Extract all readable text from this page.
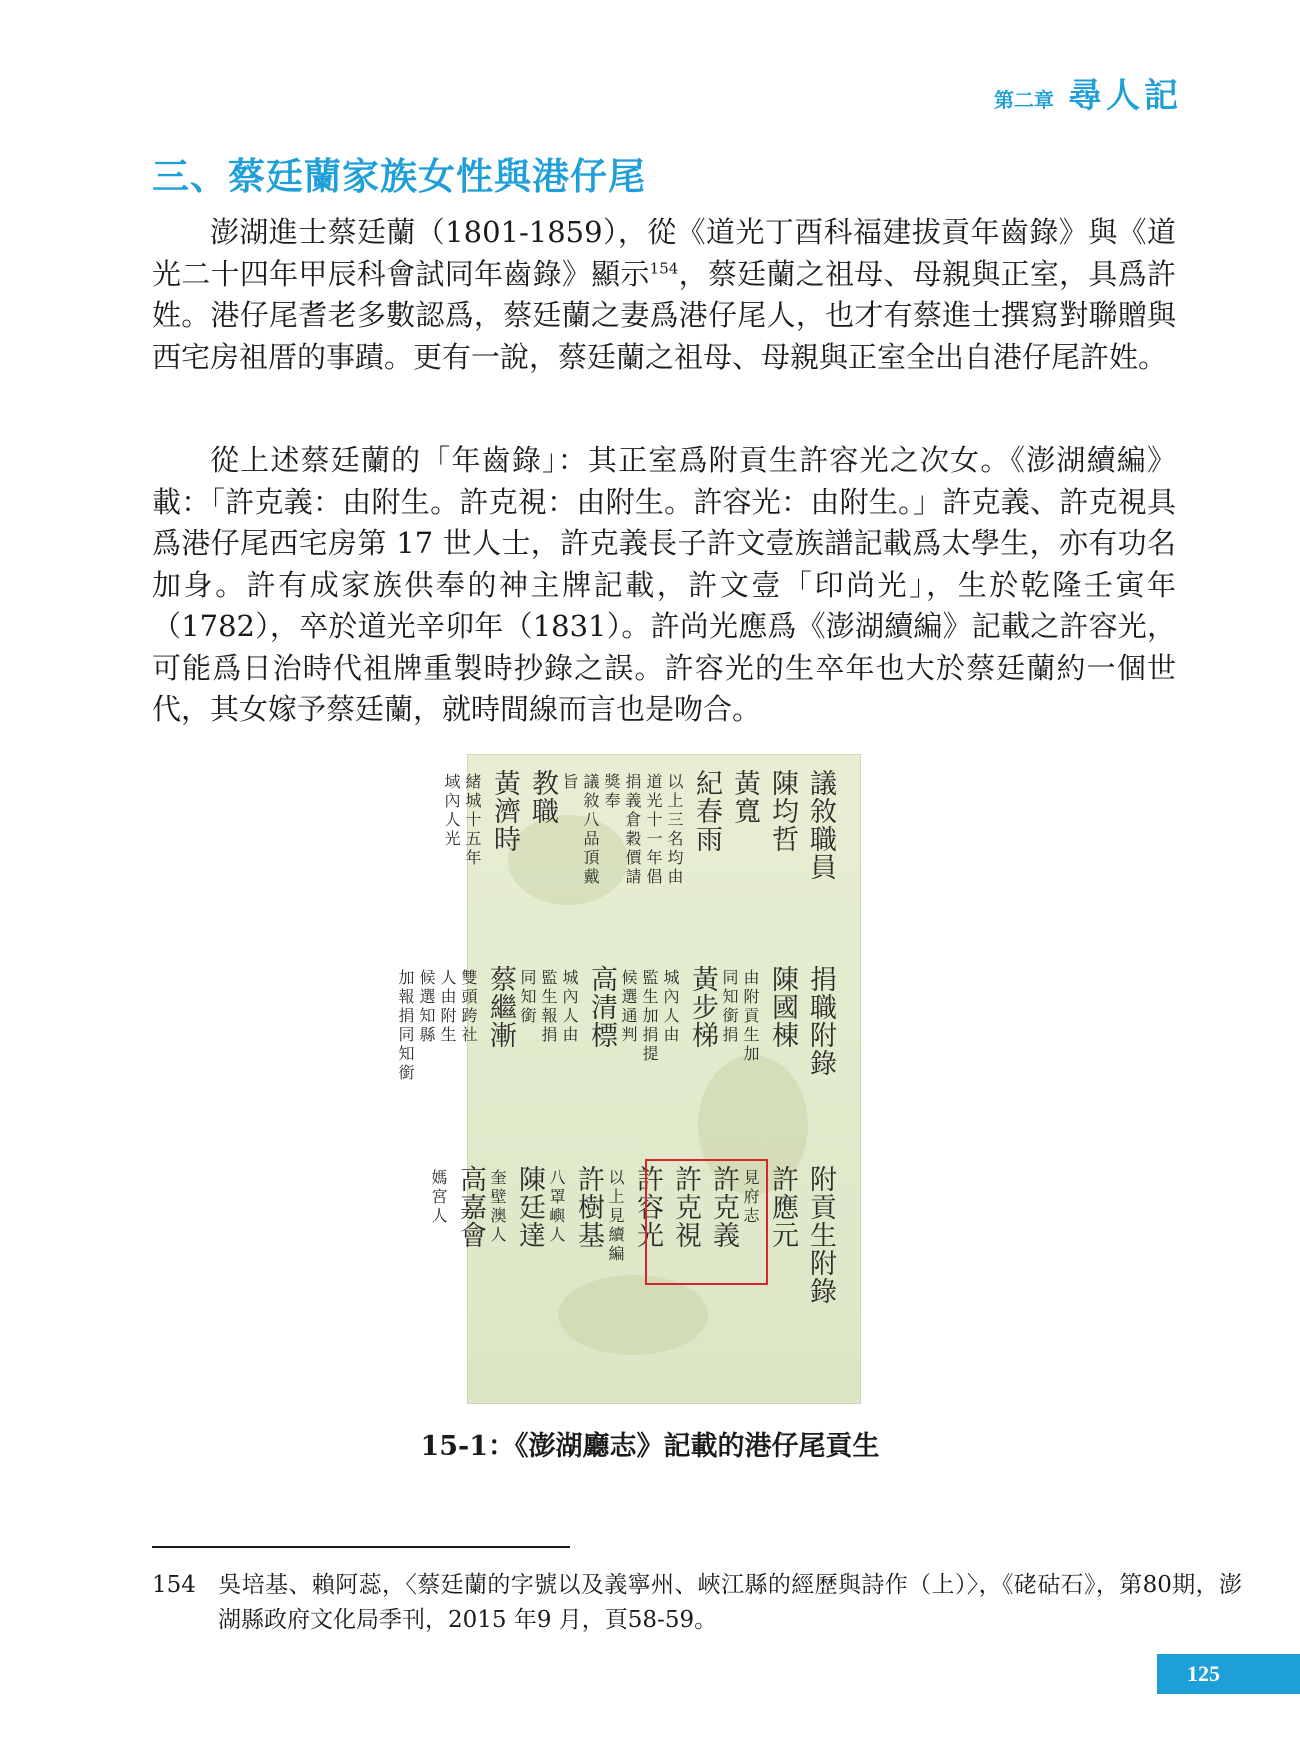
第二章 尋人記
三、蔡廷蘭家族女性與港仔尾

澎湖進士蔡廷蘭（1801-1859），從《道光丁酉科福建拔貢年齒錄》與《道光二十四年甲辰科會試同年齒錄》顯示$^{154}$，蔡廷蘭之祖母、母親與正室，具爲許姓。港仔尾耆老多數認爲，蔡廷蘭之妻爲港仔尾人，也才有蔡進士撰寫對聯贈與西宅房祖厝的事蹟。更有一說，蔡廷蘭之祖母、母親與正室全出自港仔尾許姓。

從上述蔡廷蘭的「年齒錄」：其正室爲附貢生許容光之次女。《澎湖續編》載：「許克義：由附生。許克視：由附生。許容光：由附生。」許克義、許克視具爲港仔尾西宅房第 17 世人士，許克義長子許文壹族譜記載爲太學生，亦有功名加身。許有成家族供奉的神主牌記載，許文壹「印尚光」，生於乾隆壬寅年（1782），卒於道光辛卯年（1831）。許尚光應爲《澎湖續編》記載之許容光，可能爲日治時代祖牌重製時抄錄之誤。許容光的生卒年也大於蔡廷蘭約一個世代，其女嫁予蔡廷蘭，就時間線而言也是吻合。

議敘職員
陳均哲
黃寬
紀春雨
以上三名均由
道光十一年倡
捐義倉穀價請
獎奉
議敘八品頂戴
旨
教職
黃濟時
緒城十五年
域內人光
捐職附錄
陳國棟
由附貢生加
同知銜捐
黃步梯
城內人由
監生加捐提
候選通判
高清標
城內人由
監生報捐
同知銜
蔡繼漸
雙頭跨社
人由附生
候選知縣
加報捐同知銜
附貢生附錄
許應元
見府志
許克義
許克視
許容光
以上見續編
許樹基
八罩嶼人
陳廷達
奎壁澳人
高嘉會
媽宮人
15-1：《澎湖廳志》記載的港仔尾貢生

154 吳培基、賴阿蕊，〈蔡廷蘭的字號以及義寧州、峽江縣的經歷與詩作（上）〉，《硓𥑮石》，第80期，澎湖縣政府文化局季刊，2015 年9 月，頁58-59。

125
